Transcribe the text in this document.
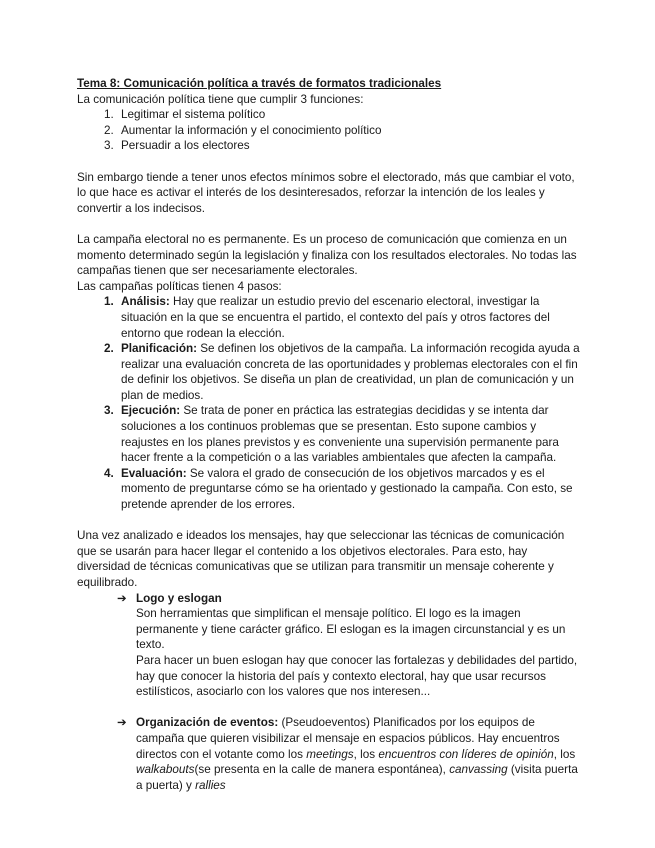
Tema 8: Comunicación política a través de formatos tradicionales

La comunicación política tiene que cumplir 3 funciones:

1. Legitimar el sistema político
2. Aumentar la información y el conocimiento político
3. Persuadir a los electores

Sin embargo tiende a tener unos efectos mínimos sobre el electorado, más que cambiar el voto, lo que hace es activar el interés de los desinteresados, reforzar la intención de los leales y convertir a los indecisos.

La campaña electoral no es permanente. Es un proceso de comunicación que comienza en un momento determinado según la legislación y finaliza con los resultados electorales. No todas las campañas tienen que ser necesariamente electorales.

Las campañas políticas tienen 4 pasos:

1. Análisis: Hay que realizar un estudio previo del escenario electoral, investigar la situación en la que se encuentra el partido, el contexto del país y otros factores del entorno que rodean la elección.
2. Planificación: Se definen los objetivos de la campaña. La información recogida ayuda a realizar una evaluación concreta de las oportunidades y problemas electorales con el fin de definir los objetivos. Se diseña un plan de creatividad, un plan de comunicación y un plan de medios.
3. Ejecución: Se trata de poner en práctica las estrategias decididas y se intenta dar soluciones a los continuos problemas que se presentan. Esto supone cambios y reajustes en los planes previstos y es conveniente una supervisión permanente para hacer frente a la competición o a las variables ambientales que afecten la campaña.
4. Evaluación: Se valora el grado de consecución de los objetivos marcados y es el momento de preguntarse cómo se ha orientado y gestionado la campaña. Con esto, se pretende aprender de los errores.

Una vez analizado e ideados los mensajes, hay que seleccionar las técnicas de comunicación que se usarán para hacer llegar el contenido a los objetivos electorales. Para esto, hay diversidad de técnicas comunicativas que se utilizan para transmitir un mensaje coherente y equilibrado.

➔ Logo y eslogan

Son herramientas que simplifican el mensaje político. El logo es la imagen permanente y tiene carácter gráfico. El eslogan es la imagen circunstancial y es un texto.

Para hacer un buen eslogan hay que conocer las fortalezas y debilidades del partido, hay que conocer la historia del país y contexto electoral, hay que usar recursos estilísticos, asociarlo con los valores que nos interesen...

➔ Organización de eventos: (Pseudoeventos) Planificados por los equipos de campaña que quieren visibilizar el mensaje en espacios públicos. Hay encuentros directos con el votante como los meetings, los encuentros con líderes de opinión, los walkabouts(se presenta en la calle de manera espontánea), canvassing (visita puerta a puerta) y rallies
